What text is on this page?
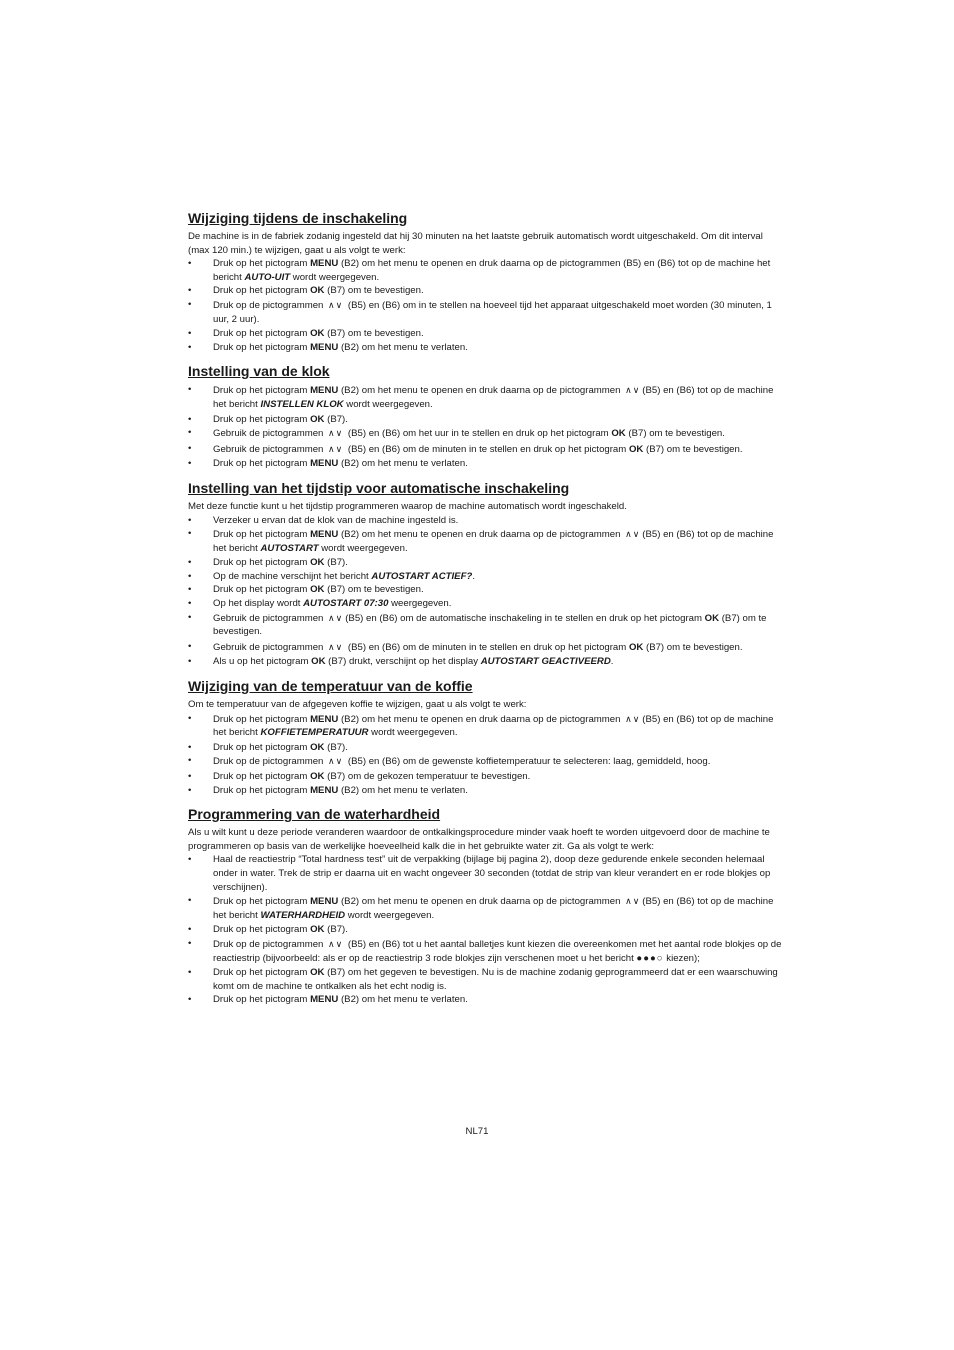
Wijziging tijdens de inschakeling

De machine is in de fabriek zodanig ingesteld dat hij 30 minuten na het laatste gebruik automatisch wordt uitgeschakeld. Om dit interval (max 120 min.) te wijzigen, gaat u als volgt te werk:

• Druk op het pictogram MENU (B2) om het menu te openen en druk daarna op de pictogrammen (B5) en (B6) tot op de machine het bericht AUTO-UIT wordt weergegeven.
• Druk op het pictogram OK (B7) om te bevestigen.
• Druk op de pictogrammen ∧∨ (B5) en (B6) om in te stellen na hoeveel tijd het apparaat uitgeschakeld moet worden (30 minuten, 1 uur, 2 uur).
• Druk op het pictogram OK (B7) om te bevestigen.
• Druk op het pictogram MENU (B2) om het menu te verlaten.
Instelling van de klok
• Druk op het pictogram MENU (B2) om het menu te openen en druk daarna op de pictogrammen ∧∨ (B5) en (B6) tot op de machine het bericht INSTELLEN KLOK wordt weergegeven.
• Druk op het pictogram OK (B7).
• Gebruik de pictogrammen ∧∨ (B5) en (B6) om het uur in te stellen en druk op het pictogram OK (B7) om te bevestigen.
• Gebruik de pictogrammen ∧∨ (B5) en (B6) om de minuten in te stellen en druk op het pictogram OK (B7) om te bevestigen.
• Druk op het pictogram MENU (B2) om het menu te verlaten.
Instelling van het tijdstip voor automatische inschakeling

Met deze functie kunt u het tijdstip programmeren waarop de machine automatisch wordt ingeschakeld.

• Verzeker u ervan dat de klok van de machine ingesteld is.
• Druk op het pictogram MENU (B2) om het menu te openen en druk daarna op de pictogrammen ∧∨ (B5) en (B6) tot op de machine het bericht AUTOSTART wordt weergegeven.
• Druk op het pictogram OK (B7).
• Op de machine verschijnt het bericht AUTOSTART ACTIEF?.
• Druk op het pictogram OK (B7) om te bevestigen.
• Op het display wordt AUTOSTART 07:30 weergegeven.
• Gebruik de pictogrammen ∧∨ (B5) en (B6) om de automatische inschakeling in te stellen en druk op het pictogram OK (B7) om te bevestigen.
• Gebruik de pictogrammen ∧∨ (B5) en (B6) om de minuten in te stellen en druk op het pictogram OK (B7) om te bevestigen.
• Als u op het pictogram OK (B7) drukt, verschijnt op het display AUTOSTART GEACTIVEERD.
Wijziging van de temperatuur van de koffie

Om te temperatuur van de afgegeven koffie te wijzigen, gaat u als volgt te werk:

• Druk op het pictogram MENU (B2) om het menu te openen en druk daarna op de pictogrammen ∧∨ (B5) en (B6) tot op de machine het bericht KOFFIETEMPERATUUR wordt weergegeven.
• Druk op het pictogram OK (B7).
• Druk op de pictogrammen ∧∨ (B5) en (B6) om de gewenste koffietemperatuur te selecteren: laag, gemiddeld, hoog.
• Druk op het pictogram OK (B7) om de gekozen temperatuur te bevestigen.
• Druk op het pictogram MENU (B2) om het menu te verlaten.
Programmering van de waterhardheid

Als u wilt kunt u deze periode veranderen waardoor de ontkalkingsprocedure minder vaak hoeft te worden uitgevoerd door de machine te programmeren op basis van de werkelijke hoeveelheid kalk die in het gebruikte water zit. Ga als volgt te werk:

• Haal de reactiestrip “Total hardness test” uit de verpakking (bijlage bij pagina 2), doop deze gedurende enkele seconden helemaal onder in water. Trek de strip er daarna uit en wacht ongeveer 30 seconden (totdat de strip van kleur verandert en er rode blokjes op verschijnen).
• Druk op het pictogram MENU (B2) om het menu te openen en druk daarna op de pictogrammen ∧∨ (B5) en (B6) tot op de machine het bericht WATERHARDHEID wordt weergegeven.
• Druk op het pictogram OK (B7).
• Druk op de pictogrammen ∧∨ (B5) en (B6) tot u het aantal balletjes kunt kiezen die overeenkomen met het aantal rode blokjes op de reactiestrip (bijvoorbeeld: als er op de reactiestrip 3 rode blokjes zijn verschenen moet u het bericht ●●●○ kiezen);
• Druk op het pictogram OK (B7) om het gegeven te bevestigen. Nu is de machine zodanig geprogrammeerd dat er een waarschuwing komt om de machine te ontkalken als het echt nodig is.
• Druk op het pictogram MENU (B2) om het menu te verlaten.
NL71
